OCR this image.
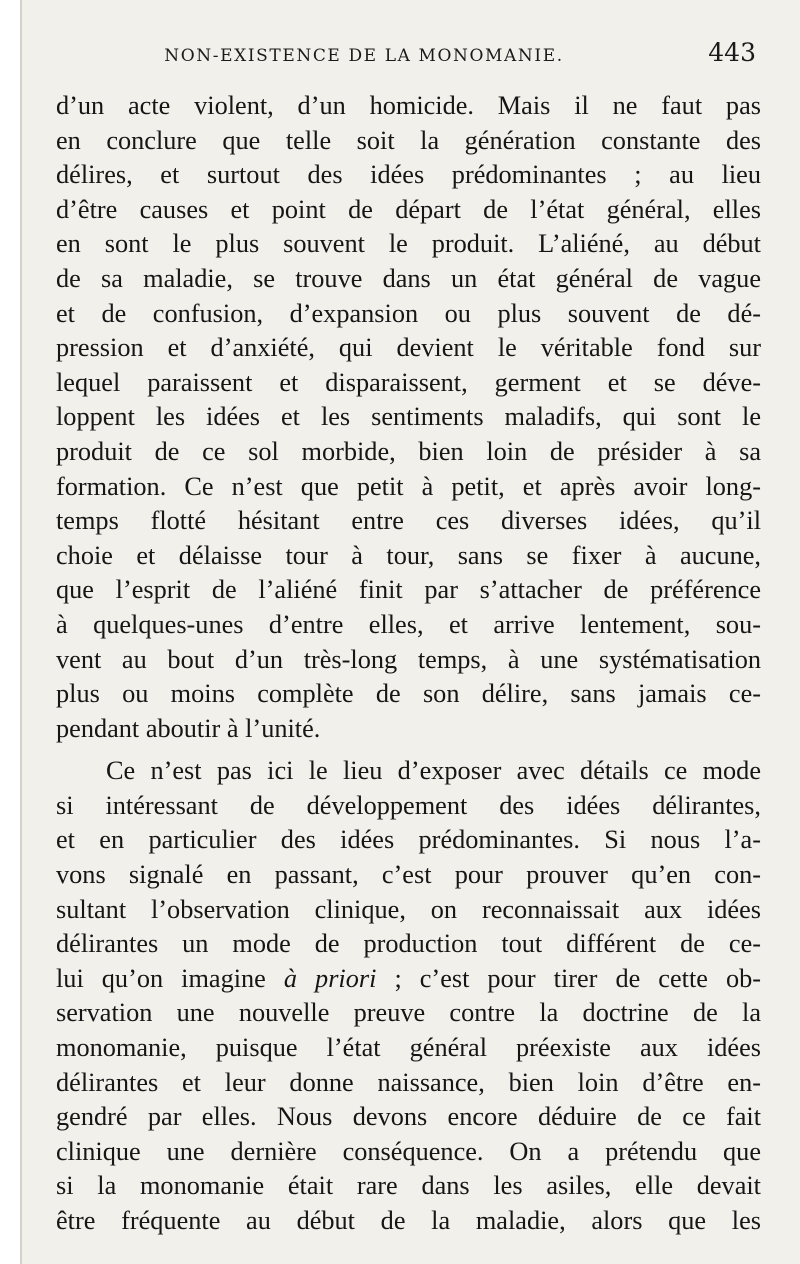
NON-EXISTENCE DE LA MONOMANIE.	443
d’un acte violent, d’un homicide. Mais il ne faut pas
en conclure que telle soit la génération constante des
délires, et surtout des idées prédominantes ; au lieu
d’être causes et point de départ de l’état général, elles
en sont le plus souvent le produit. L’aliéné, au début
de sa maladie, se trouve dans un état général de vague
et de confusion, d’expansion ou plus souvent de dé-
pression et d’anxiété, qui devient le véritable fond sur
lequel paraissent et disparaissent, germent et se déve-
loppent les idées et les sentiments maladifs, qui sont le
produit de ce sol morbide, bien loin de présider à sa
formation. Ce n’est que petit à petit, et après avoir long-
temps flotté hésitant entre ces diverses idées, qu’il
choie et délaisse tour à tour, sans se fixer à aucune,
que l’esprit de l’aliéné finit par s’attacher de préférence
à quelques-unes d’entre elles, et arrive lentement, sou-
vent au bout d’un très-long temps, à une systématisation
plus ou moins complète de son délire, sans jamais ce-
pendant aboutir à l’unité.
Ce n’est pas ici le lieu d’exposer avec détails ce mode
si intéressant de développement des idées délirantes,
et en particulier des idées prédominantes. Si nous l’a-
vons signalé en passant, c’est pour prouver qu’en con-
sultant l’observation clinique, on reconnaissait aux idées
délirantes un mode de production tout différent de ce-
lui qu’on imagine à priori ; c’est pour tirer de cette ob-
servation une nouvelle preuve contre la doctrine de la
monomanie, puisque l’état général préexiste aux idées
délirantes et leur donne naissance, bien loin d’être en-
gendré par elles. Nous devons encore déduire de ce fait
clinique une dernière conséquence. On a prétendu que
si la monomanie était rare dans les asiles, elle devait
être fréquente au début de la maladie, alors que les
